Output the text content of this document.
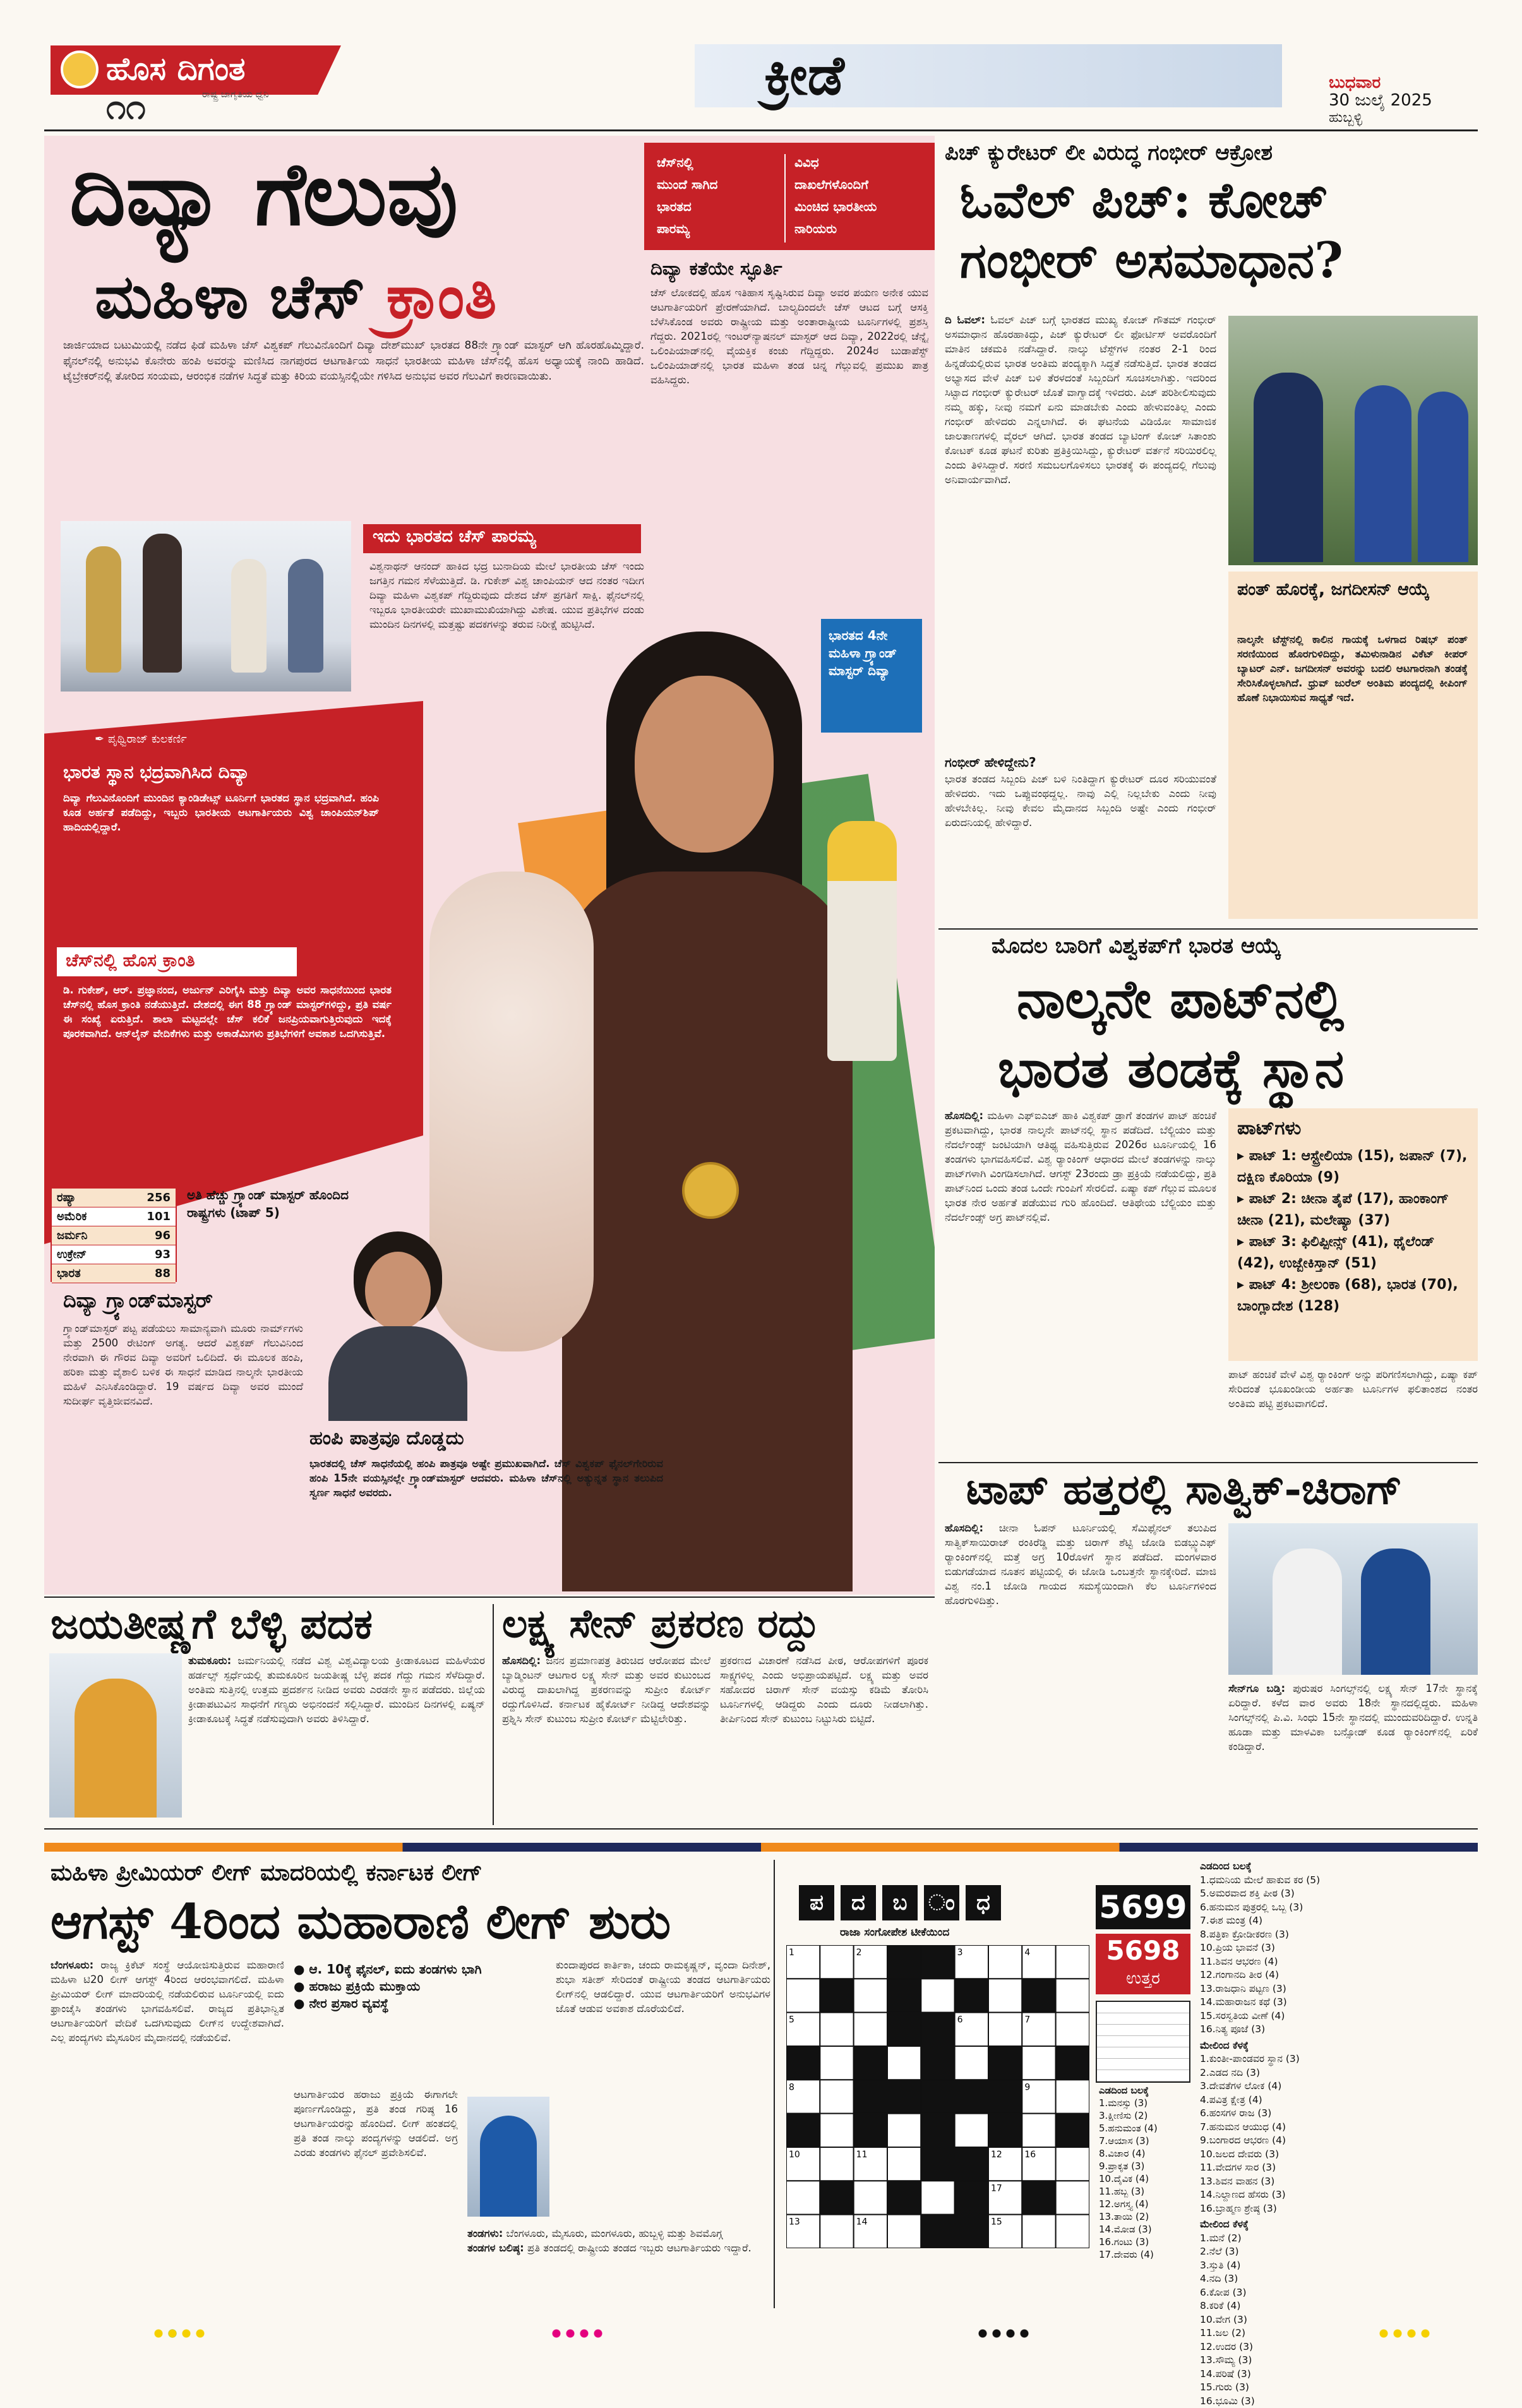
ಹೊಸ ದಿಗಂತ
ರಾಷ್ಟ್ರ ಜಾಗೃತಿಯ ಧ್ವನಿ
೧೧	ಕ್ರೀಡೆ	ಬುಧವಾರ
30 ಜುಲೈ 2025
ಹುಬ್ಬಳ್ಳಿ
ದಿವ್ಯಾ ಗೆಲುವು
ಮಹಿಳಾ ಚೆಸ್ ಕ್ರಾಂತಿ
ಜಾರ್ಜಿಯಾದ ಬಟುಮಿಯಲ್ಲಿ ನಡೆದ ಫಿಡೆ ಮಹಿಳಾ ಚೆಸ್ ವಿಶ್ವಕಪ್ ಗೆಲುವಿನೊಂದಿಗೆ ದಿವ್ಯಾ ದೇಶ್‌ಮುಖ್ ಭಾರತದ 88ನೇ ಗ್ರ್ಯಾಂಡ್ ಮಾಸ್ಟರ್ ಆಗಿ ಹೊರಹೊಮ್ಮಿದ್ದಾರೆ. ಫೈನಲ್‌ನಲ್ಲಿ ಅನುಭವಿ ಕೊನೇರು ಹಂಪಿ ಅವರನ್ನು ಮಣಿಸಿದ ನಾಗಪುರದ ಆಟಗಾರ್ತಿಯ ಸಾಧನೆ ಭಾರತೀಯ ಮಹಿಳಾ ಚೆಸ್‌ನಲ್ಲಿ ಹೊಸ ಅಧ್ಯಾಯಕ್ಕೆ ನಾಂದಿ ಹಾಡಿದೆ. ಟೈಬ್ರೇಕರ್‌ನಲ್ಲಿ ತೋರಿದ ಸಂಯಮ, ಆರಂಭಿಕ ನಡೆಗಳ ಸಿದ್ಧತೆ ಮತ್ತು ಕಿರಿಯ ವಯಸ್ಸಿನಲ್ಲಿಯೇ ಗಳಿಸಿದ ಅನುಭವ ಅವರ ಗೆಲುವಿಗೆ ಕಾರಣವಾಯಿತು.
ಚೆಸ್‌ನಲ್ಲಿ
ಮುಂದೆ ಸಾಗಿದ
ಭಾರತದ
ಪಾರಮ್ಯ
ವಿವಿಧ
ದಾಖಲೆಗಳೊಂದಿಗೆ
ಮಿಂಚಿದ ಭಾರತೀಯ
ನಾರಿಯರು
ದಿವ್ಯಾ ಕತೆಯೇ ಸ್ಫೂರ್ತಿ
ಚೆಸ್ ಲೋಕದಲ್ಲಿ ಹೊಸ ಇತಿಹಾಸ ಸೃಷ್ಟಿಸಿರುವ ದಿವ್ಯಾ ಅವರ ಪಯಣ ಅನೇಕ ಯುವ ಆಟಗಾರ್ತಿಯರಿಗೆ ಪ್ರೇರಣೆಯಾಗಿದೆ. ಬಾಲ್ಯದಿಂದಲೇ ಚೆಸ್ ಆಟದ ಬಗ್ಗೆ ಆಸಕ್ತಿ ಬೆಳೆಸಿಕೊಂಡ ಅವರು ರಾಷ್ಟ್ರೀಯ ಮತ್ತು ಅಂತಾರಾಷ್ಟ್ರೀಯ ಟೂರ್ನಿಗಳಲ್ಲಿ ಪ್ರಶಸ್ತಿ ಗೆದ್ದರು. 2021ರಲ್ಲಿ ಇಂಟರ್‌ನ್ಯಾಷನಲ್ ಮಾಸ್ಟರ್ ಆದ ದಿವ್ಯಾ, 2022ರಲ್ಲಿ ಚೆನ್ನೈ ಒಲಿಂಪಿಯಾಡ್‌ನಲ್ಲಿ ವೈಯಕ್ತಿಕ ಕಂಚು ಗೆದ್ದಿದ್ದರು. 2024ರ ಬುಡಾಪೆಸ್ಟ್ ಒಲಿಂಪಿಯಾಡ್‌ನಲ್ಲಿ ಭಾರತ ಮಹಿಳಾ ತಂಡ ಚಿನ್ನ ಗೆಲ್ಲುವಲ್ಲಿ ಪ್ರಮುಖ ಪಾತ್ರ ವಹಿಸಿದ್ದರು.
ಇದು ಭಾರತದ ಚೆಸ್ ಪಾರಮ್ಯ
ವಿಶ್ವನಾಥನ್ ಆನಂದ್ ಹಾಕಿದ ಭದ್ರ ಬುನಾದಿಯ ಮೇಲೆ ಭಾರತೀಯ ಚೆಸ್ ಇಂದು ಜಗತ್ತಿನ ಗಮನ ಸೆಳೆಯುತ್ತಿದೆ. ಡಿ. ಗುಕೇಶ್ ವಿಶ್ವ ಚಾಂಪಿಯನ್ ಆದ ನಂತರ ಇದೀಗ ದಿವ್ಯಾ ಮಹಿಳಾ ವಿಶ್ವಕಪ್ ಗೆದ್ದಿರುವುದು ದೇಶದ ಚೆಸ್ ಪ್ರಗತಿಗೆ ಸಾಕ್ಷಿ. ಫೈನಲ್‌ನಲ್ಲಿ ಇಬ್ಬರೂ ಭಾರತೀಯರೇ ಮುಖಾಮುಖಿಯಾಗಿದ್ದು ವಿಶೇಷ. ಯುವ ಪ್ರತಿಭೆಗಳ ದಂಡು ಮುಂದಿನ ದಿನಗಳಲ್ಲಿ ಮತ್ತಷ್ಟು ಪದಕಗಳನ್ನು ತರುವ ನಿರೀಕ್ಷೆ ಹುಟ್ಟಿಸಿದೆ.
✒ ಪೃಥ್ವಿರಾಜ್ ಕುಲಕರ್ಣಿ
ಭಾರತ ಸ್ಥಾನ ಭದ್ರವಾಗಿಸಿದ ದಿವ್ಯಾ
ದಿವ್ಯಾ ಗೆಲುವಿನೊಂದಿಗೆ ಮುಂದಿನ ಕ್ಯಾಂಡಿಡೇಟ್ಸ್ ಟೂರ್ನಿಗೆ ಭಾರತದ ಸ್ಥಾನ ಭದ್ರವಾಗಿದೆ. ಹಂಪಿ ಕೂಡ ಅರ್ಹತೆ ಪಡೆದಿದ್ದು, ಇಬ್ಬರು ಭಾರತೀಯ ಆಟಗಾರ್ತಿಯರು ವಿಶ್ವ ಚಾಂಪಿಯನ್‌ಶಿಪ್ ಹಾದಿಯಲ್ಲಿದ್ದಾರೆ.
ಚೆಸ್‌ನಲ್ಲಿ ಹೊಸ ಕ್ರಾಂತಿ
ಡಿ. ಗುಕೇಶ್, ಆರ್. ಪ್ರಜ್ಞಾನಂದ, ಅರ್ಜುನ್ ಎರಿಗೈಸಿ ಮತ್ತು ದಿವ್ಯಾ ಅವರ ಸಾಧನೆಯಿಂದ ಭಾರತ ಚೆಸ್‌ನಲ್ಲಿ ಹೊಸ ಕ್ರಾಂತಿ ನಡೆಯುತ್ತಿದೆ. ದೇಶದಲ್ಲಿ ಈಗ 88 ಗ್ರ್ಯಾಂಡ್ ಮಾಸ್ಟರ್‌ಗಳಿದ್ದು, ಪ್ರತಿ ವರ್ಷ ಈ ಸಂಖ್ಯೆ ಏರುತ್ತಿದೆ. ಶಾಲಾ ಮಟ್ಟದಲ್ಲೇ ಚೆಸ್ ಕಲಿಕೆ ಜನಪ್ರಿಯವಾಗುತ್ತಿರುವುದು ಇದಕ್ಕೆ ಪೂರಕವಾಗಿದೆ. ಆನ್‌ಲೈನ್ ವೇದಿಕೆಗಳು ಮತ್ತು ಅಕಾಡೆಮಿಗಳು ಪ್ರತಿಭೆಗಳಿಗೆ ಅವಕಾಶ ಒದಗಿಸುತ್ತಿವೆ.
ಭಾರತದ 4ನೇ ಮಹಿಳಾ ಗ್ರ್ಯಾಂಡ್ ಮಾಸ್ಟರ್ ದಿವ್ಯಾ
ರಷ್ಯಾ	256
ಅಮೆರಿಕ	101
ಜರ್ಮನಿ	96
ಉಕ್ರೇನ್	93
ಭಾರತ	88
ಅತಿ ಹೆಚ್ಚು ಗ್ರ್ಯಾಂಡ್ ಮಾಸ್ಟರ್ ಹೊಂದಿದ ರಾಷ್ಟ್ರಗಳು (ಟಾಪ್ 5)
ದಿವ್ಯಾ ಗ್ರ್ಯಾಂಡ್‌ಮಾಸ್ಟರ್
ಗ್ರ್ಯಾಂಡ್‌ಮಾಸ್ಟರ್ ಪಟ್ಟ ಪಡೆಯಲು ಸಾಮಾನ್ಯವಾಗಿ ಮೂರು ನಾರ್ಮ್‌ಗಳು ಮತ್ತು 2500 ರೇಟಿಂಗ್ ಅಗತ್ಯ. ಆದರೆ ವಿಶ್ವಕಪ್ ಗೆಲುವಿನಿಂದ ನೇರವಾಗಿ ಈ ಗೌರವ ದಿವ್ಯಾ ಅವರಿಗೆ ಒಲಿದಿದೆ. ಈ ಮೂಲಕ ಹಂಪಿ, ಹರಿಕಾ ಮತ್ತು ವೈಶಾಲಿ ಬಳಿಕ ಈ ಸಾಧನೆ ಮಾಡಿದ ನಾಲ್ಕನೇ ಭಾರತೀಯ ಮಹಿಳೆ ಎನಿಸಿಕೊಂಡಿದ್ದಾರೆ. 19 ವರ್ಷದ ದಿವ್ಯಾ ಅವರ ಮುಂದೆ ಸುದೀರ್ಘ ವೃತ್ತಿಜೀವನವಿದೆ.
ಹಂಪಿ ಪಾತ್ರವೂ ದೊಡ್ಡದು
ಭಾರತದಲ್ಲಿ ಚೆಸ್ ಸಾಧನೆಯಲ್ಲಿ ಹಂಪಿ ಪಾತ್ರವೂ ಅಷ್ಟೇ ಪ್ರಮುಖವಾಗಿದೆ. ಚೆಸ್ ವಿಶ್ವಕಪ್ ಫೈನಲ್‌ಗೇರಿರುವ ಹಂಪಿ 15ನೇ ವಯಸ್ಸಿನಲ್ಲೇ ಗ್ರ್ಯಾಂಡ್‌ಮಾಸ್ಟರ್ ಆದವರು. ಮಹಿಳಾ ಚೆಸ್‌ನಲ್ಲಿ ಅತ್ಯುನ್ನತ ಸ್ಥಾನ ತಲುಪಿದ ಸ್ವರ್ಣ ಸಾಧನೆ ಅವರದು.
ಪಿಚ್ ಕ್ಯುರೇಟರ್ ಲೀ ವಿರುದ್ಧ ಗಂಭೀರ್ ಆಕ್ರೋಶ
ಓವೆಲ್ ಪಿಚ್: ಕೋಚ್
ಗಂಭೀರ್ ಅಸಮಾಧಾನ?
ದಿ ಓವಲ್: ಓವಲ್ ಪಿಚ್ ಬಗ್ಗೆ ಭಾರತದ ಮುಖ್ಯ ಕೋಚ್ ಗೌತಮ್ ಗಂಭೀರ್ ಅಸಮಾಧಾನ ಹೊರಹಾಕಿದ್ದು, ಪಿಚ್ ಕ್ಯುರೇಟರ್ ಲೀ ಫೋರ್ಟಿಸ್ ಅವರೊಂದಿಗೆ ಮಾತಿನ ಚಕಮಕಿ ನಡೆಸಿದ್ದಾರೆ. ನಾಲ್ಕು ಟೆಸ್ಟ್‌ಗಳ ನಂತರ 2-1 ರಿಂದ ಹಿನ್ನಡೆಯಲ್ಲಿರುವ ಭಾರತ ಅಂತಿಮ ಪಂದ್ಯಕ್ಕಾಗಿ ಸಿದ್ಧತೆ ನಡೆಸುತ್ತಿದೆ. ಭಾರತ ತಂಡದ ಅಭ್ಯಾಸದ ವೇಳೆ ಪಿಚ್ ಬಳಿ ತೆರಳದಂತೆ ಸಿಬ್ಬಂದಿಗೆ ಸೂಚಿಸಲಾಗಿತ್ತು. ಇದರಿಂದ ಸಿಟ್ಟಾದ ಗಂಭೀರ್ ಕ್ಯುರೇಟರ್ ಜೊತೆ ವಾಗ್ವಾದಕ್ಕೆ ಇಳಿದರು. ಪಿಚ್ ಪರಿಶೀಲಿಸುವುದು ನಮ್ಮ ಹಕ್ಕು, ನೀವು ನಮಗೆ ಏನು ಮಾಡಬೇಕು ಎಂದು ಹೇಳುವಂತಿಲ್ಲ ಎಂದು ಗಂಭೀರ್ ಹೇಳಿದರು ಎನ್ನಲಾಗಿದೆ. ಈ ಘಟನೆಯ ವಿಡಿಯೋ ಸಾಮಾಜಿಕ ಜಾಲತಾಣಗಳಲ್ಲಿ ವೈರಲ್ ಆಗಿದೆ. ಭಾರತ ತಂಡದ ಬ್ಯಾಟಿಂಗ್ ಕೋಚ್ ಸಿತಾಂಶು ಕೋಟಕ್ ಕೂಡ ಘಟನೆ ಕುರಿತು ಪ್ರತಿಕ್ರಿಯಿಸಿದ್ದು, ಕ್ಯುರೇಟರ್ ವರ್ತನೆ ಸರಿಯಿರಲಿಲ್ಲ ಎಂದು ತಿಳಿಸಿದ್ದಾರೆ. ಸರಣಿ ಸಮಬಲಗೊಳಿಸಲು ಭಾರತಕ್ಕೆ ಈ ಪಂದ್ಯದಲ್ಲಿ ಗೆಲುವು ಅನಿವಾರ್ಯವಾಗಿದೆ.
ಗಂಭೀರ್ ಹೇಳಿದ್ದೇನು?
ಭಾರತ ತಂಡದ ಸಿಬ್ಬಂದಿ ಪಿಚ್ ಬಳಿ ನಿಂತಿದ್ದಾಗ ಕ್ಯುರೇಟರ್ ದೂರ ಸರಿಯುವಂತೆ ಹೇಳಿದರು. ಇದು ಒಪ್ಪುವಂಥದ್ದಲ್ಲ. ನಾವು ಎಲ್ಲಿ ನಿಲ್ಲಬೇಕು ಎಂದು ನೀವು ಹೇಳಬೇಕಿಲ್ಲ. ನೀವು ಕೇವಲ ಮೈದಾನದ ಸಿಬ್ಬಂದಿ ಅಷ್ಟೇ ಎಂದು ಗಂಭೀರ್ ಏರುದನಿಯಲ್ಲಿ ಹೇಳಿದ್ದಾರೆ.
ಪಂತ್ ಹೊರಕ್ಕೆ, ಜಗದೀಸನ್ ಆಯ್ಕೆ
ನಾಲ್ಕನೇ ಟೆಸ್ಟ್‌ನಲ್ಲಿ ಕಾಲಿನ ಗಾಯಕ್ಕೆ ಒಳಗಾದ ರಿಷಭ್ ಪಂತ್ ಸರಣಿಯಿಂದ ಹೊರಗುಳಿದಿದ್ದು, ತಮಿಳುನಾಡಿನ ವಿಕೆಟ್ ಕೀಪರ್ ಬ್ಯಾಟರ್ ಎನ್. ಜಗದೀಸನ್ ಅವರನ್ನು ಬದಲಿ ಆಟಗಾರನಾಗಿ ತಂಡಕ್ಕೆ ಸೇರಿಸಿಕೊಳ್ಳಲಾಗಿದೆ. ಧ್ರುವ್ ಜುರೆಲ್ ಅಂತಿಮ ಪಂದ್ಯದಲ್ಲಿ ಕೀಪಿಂಗ್ ಹೊಣೆ ನಿಭಾಯಿಸುವ ಸಾಧ್ಯತೆ ಇದೆ.
ಮೊದಲ ಬಾರಿಗೆ ವಿಶ್ವಕಪ್‌ಗೆ ಭಾರತ ಆಯ್ಕೆ
ನಾಲ್ಕನೇ ಪಾಟ್‌ನಲ್ಲಿ
ಭಾರತ ತಂಡಕ್ಕೆ ಸ್ಥಾನ
ಹೊಸದಿಲ್ಲಿ: ಮಹಿಳಾ ಎಫ್‌ಐಎಚ್ ಹಾಕಿ ವಿಶ್ವಕಪ್ ಡ್ರಾಗೆ ತಂಡಗಳ ಪಾಟ್ ಹಂಚಿಕೆ ಪ್ರಕಟವಾಗಿದ್ದು, ಭಾರತ ನಾಲ್ಕನೇ ಪಾಟ್‌ನಲ್ಲಿ ಸ್ಥಾನ ಪಡೆದಿದೆ. ಬೆಲ್ಜಿಯಂ ಮತ್ತು ನೆದರ್ಲೆಂಡ್ಸ್ ಜಂಟಿಯಾಗಿ ಆತಿಥ್ಯ ವಹಿಸುತ್ತಿರುವ 2026ರ ಟೂರ್ನಿಯಲ್ಲಿ 16 ತಂಡಗಳು ಭಾಗವಹಿಸಲಿವೆ. ವಿಶ್ವ ರ‍್ಯಾಂಕಿಂಗ್ ಆಧಾರದ ಮೇಲೆ ತಂಡಗಳನ್ನು ನಾಲ್ಕು ಪಾಟ್‌ಗಳಾಗಿ ವಿಂಗಡಿಸಲಾಗಿದೆ. ಆಗಸ್ಟ್ 23ರಂದು ಡ್ರಾ ಪ್ರಕ್ರಿಯೆ ನಡೆಯಲಿದ್ದು, ಪ್ರತಿ ಪಾಟ್‌ನಿಂದ ಒಂದು ತಂಡ ಒಂದೇ ಗುಂಪಿಗೆ ಸೇರಲಿದೆ. ಏಷ್ಯಾ ಕಪ್ ಗೆಲ್ಲುವ ಮೂಲಕ ಭಾರತ ನೇರ ಅರ್ಹತೆ ಪಡೆಯುವ ಗುರಿ ಹೊಂದಿದೆ. ಆತಿಥೇಯ ಬೆಲ್ಜಿಯಂ ಮತ್ತು ನೆದರ್ಲೆಂಡ್ಸ್ ಅಗ್ರ ಪಾಟ್‌ನಲ್ಲಿವೆ.
ಪಾಟ್‌ಗಳು
▸ ಪಾಟ್ 1: ಆಸ್ಟ್ರೇಲಿಯಾ (15), ಜಪಾನ್ (7), ದಕ್ಷಿಣ ಕೊರಿಯಾ (9)
▸ ಪಾಟ್ 2: ಚೀನಾ ತೈಪೆ (17), ಹಾಂಕಾಂಗ್ ಚೀನಾ (21), ಮಲೇಷ್ಯಾ (37)
▸ ಪಾಟ್ 3: ಫಿಲಿಪ್ಪೀನ್ಸ್ (41), ಥೈಲೆಂಡ್ (42), ಉಜ್ಬೇಕಿಸ್ತಾನ್ (51)
▸ ಪಾಟ್ 4: ಶ್ರೀಲಂಕಾ (68), ಭಾರತ (70), ಬಾಂಗ್ಲಾದೇಶ (128)
ಪಾಟ್ ಹಂಚಿಕೆ ವೇಳೆ ವಿಶ್ವ ರ‍್ಯಾಂಕಿಂಗ್ ಅನ್ನು ಪರಿಗಣಿಸಲಾಗಿದ್ದು, ಏಷ್ಯಾ ಕಪ್ ಸೇರಿದಂತೆ ಭೂಖಂಡೀಯ ಅರ್ಹತಾ ಟೂರ್ನಿಗಳ ಫಲಿತಾಂಶದ ನಂತರ ಅಂತಿಮ ಪಟ್ಟಿ ಪ್ರಕಟವಾಗಲಿದೆ.
ಟಾಪ್ ಹತ್ತರಲ್ಲಿ ಸಾತ್ವಿಕ್-ಚಿರಾಗ್
ಹೊಸದಿಲ್ಲಿ: ಚೀನಾ ಓಪನ್ ಟೂರ್ನಿಯಲ್ಲಿ ಸೆಮಿಫೈನಲ್ ತಲುಪಿದ ಸಾತ್ವಿಕ್‌ಸಾಯಿರಾಜ್ ರಂಕಿರೆಡ್ಡಿ ಮತ್ತು ಚಿರಾಗ್ ಶೆಟ್ಟಿ ಜೋಡಿ ಬಿಡಬ್ಲ್ಯುಎಫ್ ರ‍್ಯಾಂಕಿಂಗ್‌ನಲ್ಲಿ ಮತ್ತೆ ಅಗ್ರ 10ರೊಳಗೆ ಸ್ಥಾನ ಪಡೆದಿದೆ. ಮಂಗಳವಾರ ಬಿಡುಗಡೆಯಾದ ನೂತನ ಪಟ್ಟಿಯಲ್ಲಿ ಈ ಜೋಡಿ ಒಂಬತ್ತನೇ ಸ್ಥಾನಕ್ಕೇರಿದೆ. ಮಾಜಿ ವಿಶ್ವ ನಂ.1 ಜೋಡಿ ಗಾಯದ ಸಮಸ್ಯೆಯಿಂದಾಗಿ ಕೆಲ ಟೂರ್ನಿಗಳಿಂದ ಹೊರಗುಳಿದಿತ್ತು.
ಸೇನ್‌ಗೂ ಬಡ್ತಿ: ಪುರುಷರ ಸಿಂಗಲ್ಸ್‌ನಲ್ಲಿ ಲಕ್ಷ್ಯ ಸೇನ್ 17ನೇ ಸ್ಥಾನಕ್ಕೆ ಏರಿದ್ದಾರೆ. ಕಳೆದ ವಾರ ಅವರು 18ನೇ ಸ್ಥಾನದಲ್ಲಿದ್ದರು. ಮಹಿಳಾ ಸಿಂಗಲ್ಸ್‌ನಲ್ಲಿ ಪಿ.ವಿ. ಸಿಂಧು 15ನೇ ಸ್ಥಾನದಲ್ಲಿ ಮುಂದುವರಿದಿದ್ದಾರೆ. ಉನ್ನತಿ ಹೂಡಾ ಮತ್ತು ಮಾಳವಿಕಾ ಬನ್ಸೋಡ್ ಕೂಡ ರ‍್ಯಾಂಕಿಂಗ್‌ನಲ್ಲಿ ಏರಿಕೆ ಕಂಡಿದ್ದಾರೆ.
ಜಯತೀಷ್ಣಗೆ ಬೆಳ್ಳಿ ಪದಕ
ತುಮಕೂರು: ಜರ್ಮನಿಯಲ್ಲಿ ನಡೆದ ವಿಶ್ವ ವಿಶ್ವವಿದ್ಯಾಲಯ ಕ್ರೀಡಾಕೂಟದ ಮಹಿಳೆಯರ ಹರ್ಡಲ್ಸ್ ಸ್ಪರ್ಧೆಯಲ್ಲಿ ತುಮಕೂರಿನ ಜಯತೀಷ್ಣ ಬೆಳ್ಳಿ ಪದಕ ಗೆದ್ದು ಗಮನ ಸೆಳೆದಿದ್ದಾರೆ. ಅಂತಿಮ ಸುತ್ತಿನಲ್ಲಿ ಉತ್ತಮ ಪ್ರದರ್ಶನ ನೀಡಿದ ಅವರು ಎರಡನೇ ಸ್ಥಾನ ಪಡೆದರು. ಜಿಲ್ಲೆಯ ಕ್ರೀಡಾಪಟುವಿನ ಸಾಧನೆಗೆ ಗಣ್ಯರು ಅಭಿನಂದನೆ ಸಲ್ಲಿಸಿದ್ದಾರೆ. ಮುಂದಿನ ದಿನಗಳಲ್ಲಿ ಏಷ್ಯನ್ ಕ್ರೀಡಾಕೂಟಕ್ಕೆ ಸಿದ್ಧತೆ ನಡೆಸುವುದಾಗಿ ಅವರು ತಿಳಿಸಿದ್ದಾರೆ.
ಲಕ್ಷ್ಯ ಸೇನ್ ಪ್ರಕರಣ ರದ್ದು
ಹೊಸದಿಲ್ಲಿ: ಜನನ ಪ್ರಮಾಣಪತ್ರ ತಿರುಚಿದ ಆರೋಪದ ಮೇಲೆ ಬ್ಯಾಡ್ಮಿಂಟನ್ ಆಟಗಾರ ಲಕ್ಷ್ಯ ಸೇನ್ ಮತ್ತು ಅವರ ಕುಟುಂಬದ ವಿರುದ್ಧ ದಾಖಲಾಗಿದ್ದ ಪ್ರಕರಣವನ್ನು ಸುಪ್ರೀಂ ಕೋರ್ಟ್ ರದ್ದುಗೊಳಿಸಿದೆ. ಕರ್ನಾಟಕ ಹೈಕೋರ್ಟ್ ನೀಡಿದ್ದ ಆದೇಶವನ್ನು ಪ್ರಶ್ನಿಸಿ ಸೇನ್ ಕುಟುಂಬ ಸುಪ್ರೀಂ ಕೋರ್ಟ್ ಮೆಟ್ಟಿಲೇರಿತ್ತು.
ಪ್ರಕರಣದ ವಿಚಾರಣೆ ನಡೆಸಿದ ಪೀಠ, ಆರೋಪಗಳಿಗೆ ಪೂರಕ ಸಾಕ್ಷ್ಯಗಳಿಲ್ಲ ಎಂದು ಅಭಿಪ್ರಾಯಪಟ್ಟಿದೆ. ಲಕ್ಷ್ಯ ಮತ್ತು ಅವರ ಸಹೋದರ ಚಿರಾಗ್ ಸೇನ್ ವಯಸ್ಸು ಕಡಿಮೆ ತೋರಿಸಿ ಟೂರ್ನಿಗಳಲ್ಲಿ ಆಡಿದ್ದರು ಎಂದು ದೂರು ನೀಡಲಾಗಿತ್ತು. ತೀರ್ಪಿನಿಂದ ಸೇನ್ ಕುಟುಂಬ ನಿಟ್ಟುಸಿರು ಬಿಟ್ಟಿದೆ.
ಮಹಿಳಾ ಪ್ರೀಮಿಯರ್ ಲೀಗ್ ಮಾದರಿಯಲ್ಲಿ ಕರ್ನಾಟಕ ಲೀಗ್
ಆಗಸ್ಟ್ 4ರಿಂದ ಮಹಾರಾಣಿ ಲೀಗ್ ಶುರು
ಬೆಂಗಳೂರು: ರಾಜ್ಯ ಕ್ರಿಕೆಟ್ ಸಂಸ್ಥೆ ಆಯೋಜಿಸುತ್ತಿರುವ ಮಹಾರಾಣಿ ಮಹಿಳಾ ಟಿ20 ಲೀಗ್ ಆಗಸ್ಟ್ 4ರಿಂದ ಆರಂಭವಾಗಲಿದೆ. ಮಹಿಳಾ ಪ್ರೀಮಿಯರ್ ಲೀಗ್ ಮಾದರಿಯಲ್ಲಿ ನಡೆಯಲಿರುವ ಟೂರ್ನಿಯಲ್ಲಿ ಐದು ಫ್ರಾಂಚೈಸಿ ತಂಡಗಳು ಭಾಗವಹಿಸಲಿವೆ. ರಾಜ್ಯದ ಪ್ರತಿಭಾನ್ವಿತ ಆಟಗಾರ್ತಿಯರಿಗೆ ವೇದಿಕೆ ಒದಗಿಸುವುದು ಲೀಗ್‌ನ ಉದ್ದೇಶವಾಗಿದೆ. ಎಲ್ಲ ಪಂದ್ಯಗಳು ಮೈಸೂರಿನ ಮೈದಾನದಲ್ಲಿ ನಡೆಯಲಿವೆ.
● ಆ. 10ಕ್ಕೆ ಫೈನಲ್, ಐದು ತಂಡಗಳು ಭಾಗಿ
● ಹರಾಜು ಪ್ರಕ್ರಿಯೆ ಮುಕ್ತಾಯ
● ನೇರ ಪ್ರಸಾರ ವ್ಯವಸ್ಥೆ
ಆಟಗಾರ್ತಿಯರ ಹರಾಜು ಪ್ರಕ್ರಿಯೆ ಈಗಾಗಲೇ ಪೂರ್ಣಗೊಂಡಿದ್ದು, ಪ್ರತಿ ತಂಡ ಗರಿಷ್ಠ 16 ಆಟಗಾರ್ತಿಯರನ್ನು ಹೊಂದಿದೆ. ಲೀಗ್ ಹಂತದಲ್ಲಿ ಪ್ರತಿ ತಂಡ ನಾಲ್ಕು ಪಂದ್ಯಗಳನ್ನು ಆಡಲಿದೆ. ಅಗ್ರ ಎರಡು ತಂಡಗಳು ಫೈನಲ್ ಪ್ರವೇಶಿಸಲಿವೆ.
ಕುಂದಾಪುರದ ಕಾರ್ತಿಕಾ, ಚಂದು ರಾಮಕೃಷ್ಣನ್, ವೃಂದಾ ದಿನೇಶ್, ಶುಭಾ ಸತೀಶ್ ಸೇರಿದಂತೆ ರಾಷ್ಟ್ರೀಯ ತಂಡದ ಆಟಗಾರ್ತಿಯರು ಲೀಗ್‌ನಲ್ಲಿ ಆಡಲಿದ್ದಾರೆ. ಯುವ ಆಟಗಾರ್ತಿಯರಿಗೆ ಅನುಭವಿಗಳ ಜೊತೆ ಆಡುವ ಅವಕಾಶ ದೊರೆಯಲಿದೆ.
ತಂಡಗಳು: ಬೆಂಗಳೂರು, ಮೈಸೂರು, ಮಂಗಳೂರು, ಹುಬ್ಬಳ್ಳಿ ಮತ್ತು ಶಿವಮೊಗ್ಗ
ತಂಡಗಳ ಬಲಿಷ್ಠ: ಪ್ರತಿ ತಂಡದಲ್ಲಿ ರಾಷ್ಟ್ರೀಯ ತಂಡದ ಇಬ್ಬರು ಆಟಗಾರ್ತಿಯರು ಇದ್ದಾರೆ.
ಪ	ದ	ಬ ಂ	ಧ
ರಾಜಾ ಸಂಗೋಪೇಶ ಟೀಕೆಯಿಂದ
1	2	3	4
5	6	7
8	9
10	11	12	16
17
13	14	15
5699
5698
ಉತ್ತರ
ಎಡದಿಂದ ಬಲಕ್ಕೆ
1.ಮನಸ್ಸು (3)
3.ಕ್ಷೀಣಿಸು (2)
5.ಹನುಮಂತ (4)
7.ಆಯಾಸ (3)
8.ವಿಚಾರ (4)
9.ಪ್ರಾಕೃತ (3)
10.ದೈವಿಕ (4)
11.ಹಬ್ಬ (3)
12.ಅಗಸ್ತ್ಯ (4)
13.ತಾಯಿ (2)
14.ಮೋಡ (3)
16.ಗಂಟು (3)
17.ದೇವರು (4)
ಎಡದಿಂದ ಬಲಕ್ಕೆ
1.ಧಮನಿಯ ಮೇಲೆ ಹಾಕುವ ಕರ (5)
5.ಅಮರವಾದ ಶಕ್ತಿ ಪೀಠ (3)
6.ಹನುಮನ ಪುತ್ರರಲ್ಲಿ ಒಬ್ಬ (3)
7.ಈಶ ಮಂತ್ರ (4)
8.ಪತ್ರಿಕಾ ಕ್ರೋಡೀಕರಣ (3)
10.ಪ್ರಿಯ ಭಾವನೆ (3)
11.ಶಿವನ ಆಭರಣ (4)
12.ಗಂಗಾನದಿ ತೀರ (4)
13.ರಾಜಧಾನಿ ಪಟ್ಟಣ (3)
14.ಮಹಾರಾಜನ ಕಥೆ (3)
15.ಸರಸ್ವತಿಯ ವೀಣೆ (4)
16.ನಿತ್ಯ ಪೂಜೆ (3)
ಮೇಲಿಂದ ಕೆಳಕ್ಕೆ
1.ಕುಂತೀ-ಪಾಂಡವರ ಸ್ಥಾನ (3)
2.ಎಡದ ನದಿ (3)
3.ದೇವತೆಗಳ ಲೋಕ (4)
4.ಪವಿತ್ರ ಕ್ಷೇತ್ರ (4)
6.ಹಂಸಗಳ ರಾಜ (3)
7.ಹನುಮನ ಆಯುಧ (4)
9.ಬಂಗಾರದ ಆಭರಣ (4)
10.ಜಲದ ದೇವರು (3)
11.ವೇದಗಳ ಸಾರ (3)
13.ಶಿವನ ವಾಹನ (3)
14.ನಿಲ್ದಾಣದ ಹೆಸರು (3)
16.ಬ್ರಾಹ್ಮಣ ಶ್ರೇಷ್ಠ (3)
ಮೇಲಿಂದ ಕೆಳಕ್ಕೆ
1.ಮನೆ (2)
2.ನೆಲೆ (3)
3.ಸ್ತುತಿ (4)
4.ನದಿ (3)
6.ಕೋಪ (3)
8.ಕರಿಕೆ (4)
10.ವೇಗ (3)
11.ಜಲ (2)
12.ಉದರ (3)
13.ಸೌಮ್ಯ (3)
14.ಪರಿಷೆ (3)
15.ಗುರು (3)
16.ಭೂಮಿ (3)
